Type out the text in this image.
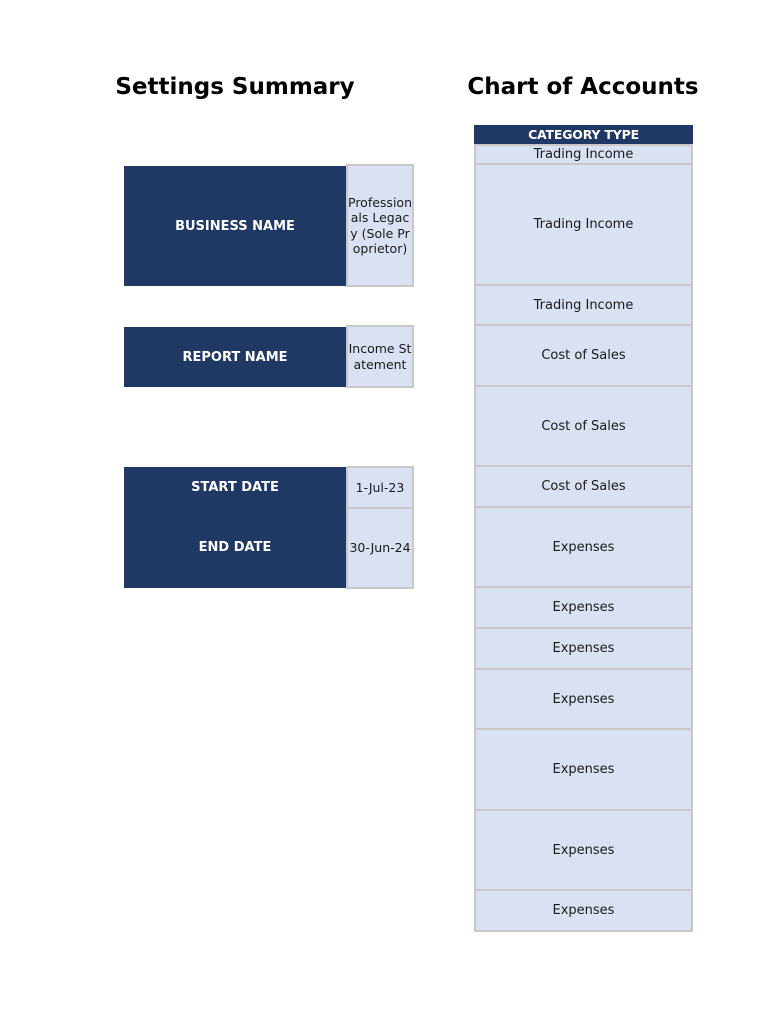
Settings Summary
BUSINESS NAME
Professionals Legacy (Sole Proprietor)
REPORT NAME
Income Statement
START DATE	1-Jul-23
END DATE	30-Jun-24
Chart of Accounts
CATEGORY TYPE
Trading Income
Trading Income
Trading Income
Cost of Sales
Cost of Sales
Cost of Sales
Expenses
Expenses
Expenses
Expenses
Expenses
Expenses
Expenses
